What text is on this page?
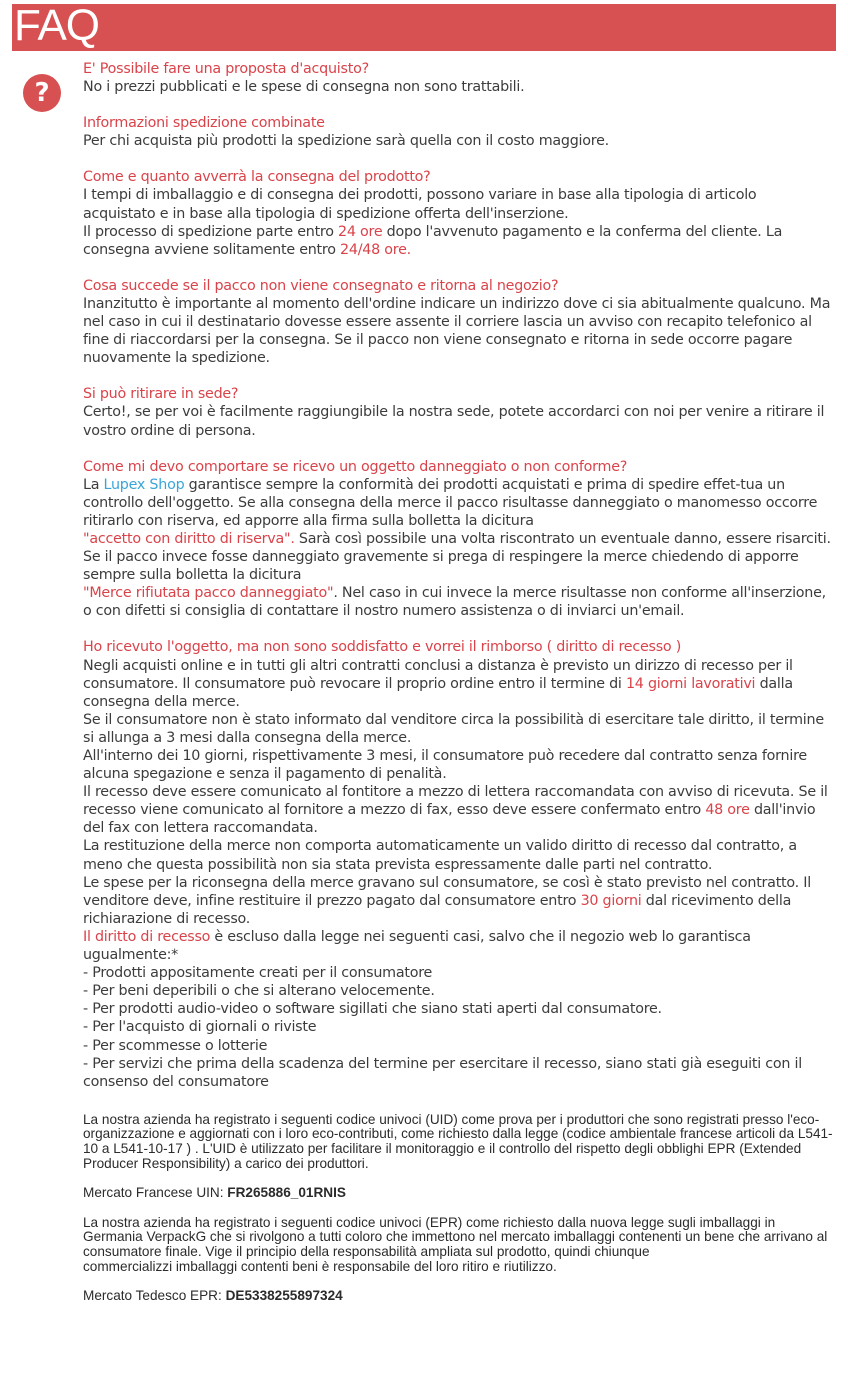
FAQ
?
E' Possibile fare una proposta d'acquisto?
No i prezzi pubblicati e le spese di consegna non sono trattabili.
Informazioni spedizione combinate
Per chi acquista più prodotti la spedizione sarà quella con il costo maggiore.
Come e quanto avverrà la consegna del prodotto?
I tempi di imballaggio e di consegna dei prodotti, possono variare in base alla tipologia di articolo acquistato e in base alla tipologia di spedizione offerta dell'inserzione.
Il processo di spedizione parte entro 24 ore dopo l'avvenuto pagamento e la conferma del cliente. La consegna avviene solitamente entro 24/48 ore.
Cosa succede se il pacco non viene consegnato e ritorna al negozio?
Inanzitutto è importante al momento dell'ordine indicare un indirizzo dove ci sia abitualmente qualcuno. Ma nel caso in cui il destinatario dovesse essere assente il corriere lascia un avviso con recapito telefonico al fine di riaccordarsi per la consegna. Se il pacco non viene consegnato e ritorna in sede occorre pagare nuovamente la spedizione.
Si può ritirare in sede?
Certo!, se per voi è facilmente raggiungibile la nostra sede, potete accordarci con noi per venire a ritirare il vostro ordine di persona.
Come mi devo comportare se ricevo un oggetto danneggiato o non conforme?
La Lupex Shop garantisce sempre la conformità dei prodotti acquistati e prima di spedire effet-tua un controllo dell'oggetto. Se alla consegna della merce il pacco risultasse danneggiato o manomesso occorre ritirarlo con riserva, ed apporre alla firma sulla bolletta la dicitura
"accetto con diritto di riserva". Sarà così possibile una volta riscontrato un eventuale danno, essere risarciti. Se il pacco invece fosse danneggiato gravemente si prega di respingere la merce chiedendo di apporre sempre sulla bolletta la dicitura
"Merce rifiutata pacco danneggiato". Nel caso in cui invece la merce risultasse non conforme all'inserzione, o con difetti si consiglia di contattare il nostro numero assistenza o di inviarci un'email.
Ho ricevuto l'oggetto, ma non sono soddisfatto e vorrei il rimborso ( diritto di recesso )
Negli acquisti online e in tutti gli altri contratti conclusi a distanza è previsto un dirizzo di recesso per il consumatore. Il consumatore può revocare il proprio ordine entro il termine di 14 giorni lavorativi dalla consegna della merce.
Se il consumatore non è stato informato dal venditore circa la possibilità di esercitare tale diritto, il termine si allunga a 3 mesi dalla consegna della merce.
All'interno dei 10 giorni, rispettivamente 3 mesi, il consumatore può recedere dal contratto senza fornire alcuna spegazione e senza il pagamento di penalità.
Il recesso deve essere comunicato al fontitore a mezzo di lettera raccomandata con avviso di ricevuta. Se il recesso viene comunicato al fornitore a mezzo di fax, esso deve essere confermato entro 48 ore dall'invio del fax con lettera raccomandata.
La restituzione della merce non comporta automaticamente un valido diritto di recesso dal contratto, a meno che questa possibilità non sia stata prevista espressamente dalle parti nel contratto.
Le spese per la riconsegna della merce gravano sul consumatore, se così è stato previsto nel contratto. Il venditore deve, infine restituire il prezzo pagato dal consumatore entro 30 giorni dal ricevimento della richiarazione di recesso.
Il diritto di recesso è escluso dalla legge nei seguenti casi, salvo che il negozio web lo garantisca ugualmente:*
- Prodotti appositamente creati per il consumatore
- Per beni deperibili o che si alterano velocemente.
- Per prodotti audio-video o software sigillati che siano stati aperti dal consumatore.
- Per l'acquisto di giornali o riviste
- Per scommesse o lotterie
- Per servizi che prima della scadenza del termine per esercitare il recesso, siano stati già eseguiti con il consenso del consumatore

La nostra azienda ha registrato i seguenti codice univoci (UID) come prova per i produttori che sono registrati presso l'eco-organizzazione e aggiornati con i loro eco-contributi, come richiesto dalla legge (codice ambientale francese articoli da L541-10 a L541-10-17 ) . L'UID è utilizzato per facilitare il monitoraggio e il controllo del rispetto degli obblighi EPR (Extended Producer Responsibility) a carico dei produttori.

Mercato Francese UIN: FR265886_01RNIS

La nostra azienda ha registrato i seguenti codice univoci (EPR) come richiesto dalla nuova legge sugli imballaggi in Germania VerpackG che si rivolgono a tutti coloro che immettono nel mercato imballaggi contenenti un bene che arrivano al consumatore finale. Vige il principio della responsabilità ampliata sul prodotto, quindi chiunque
commercializzi imballaggi contenti beni è responsabile del loro ritiro e riutilizzo.

Mercato Tedesco EPR: DE5338255897324
